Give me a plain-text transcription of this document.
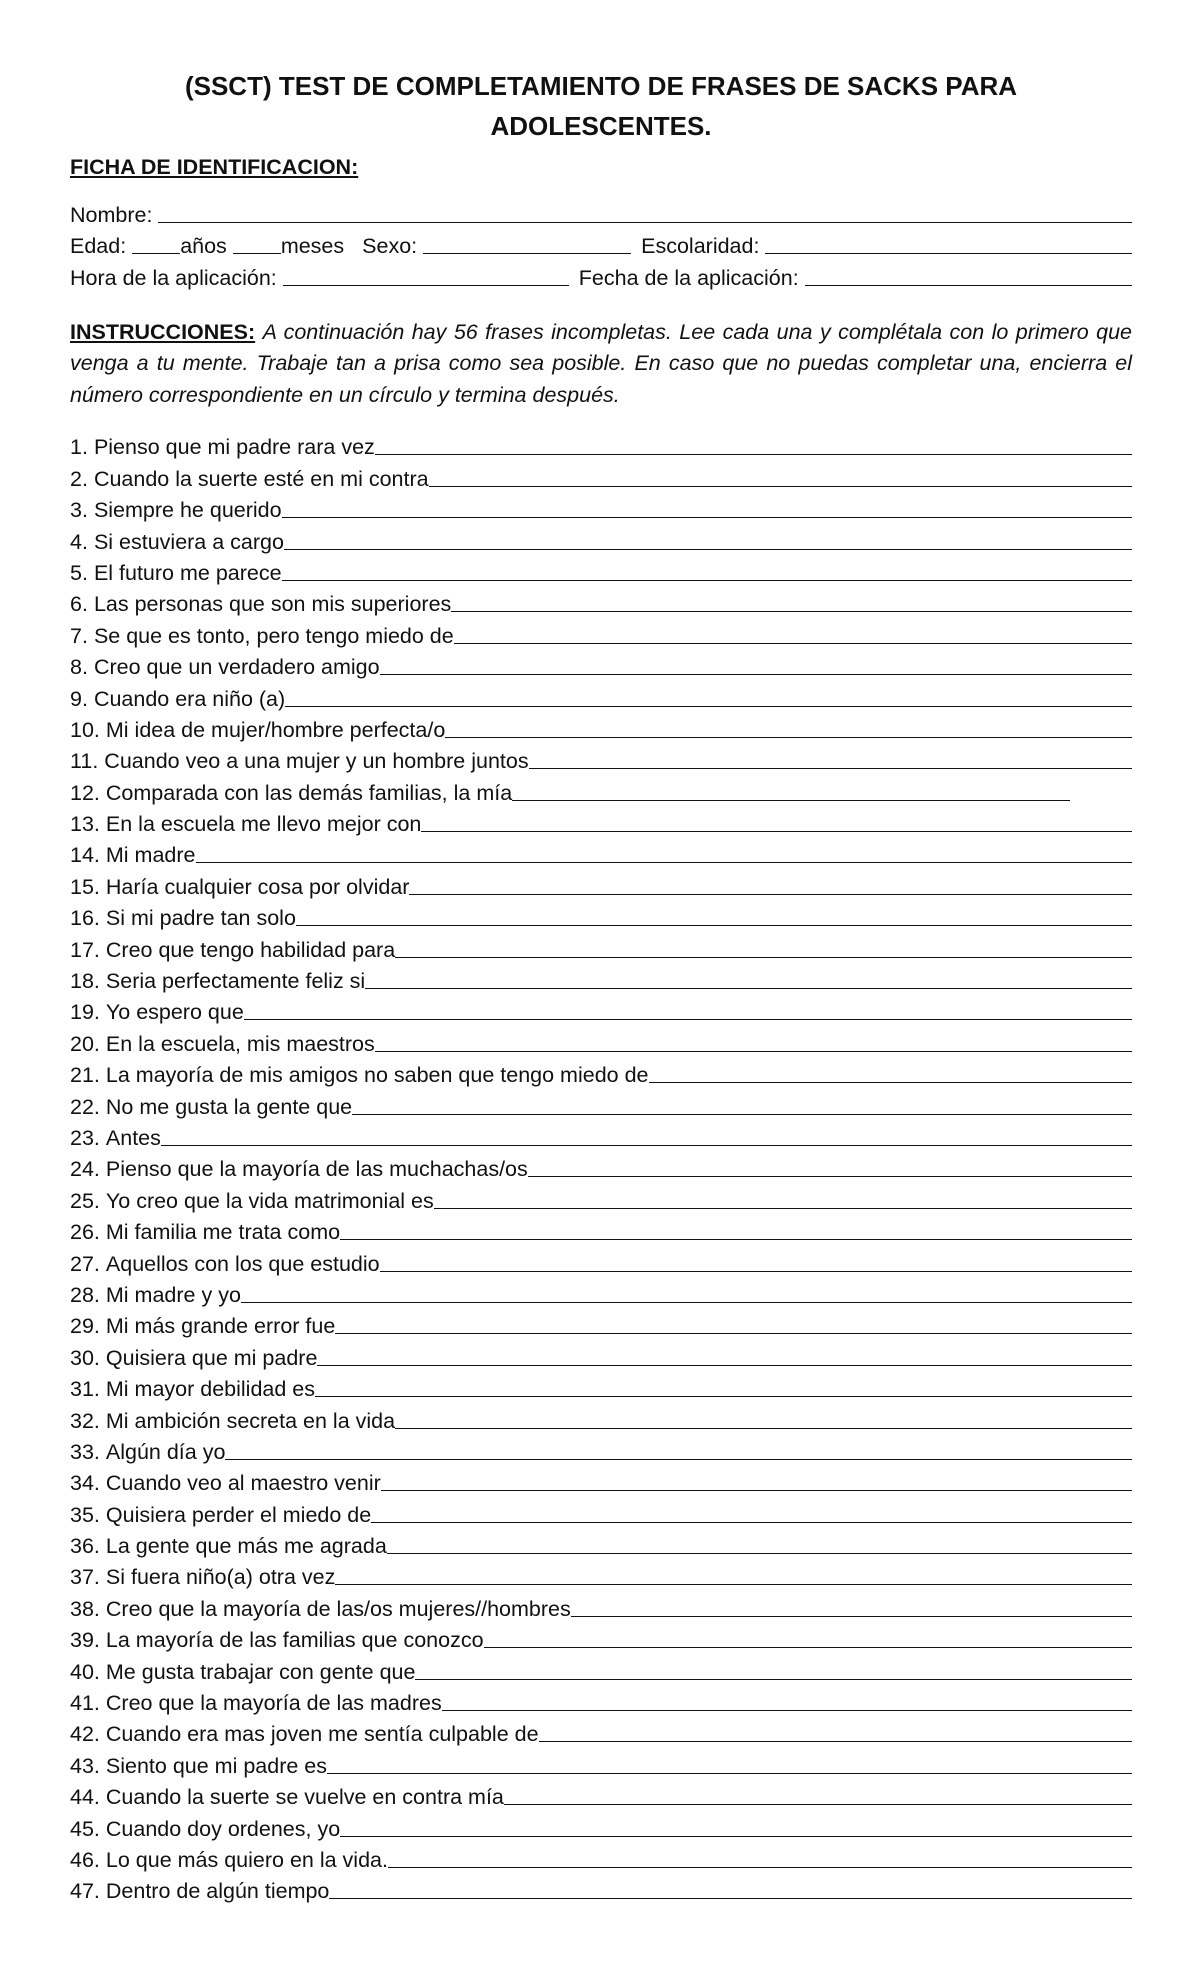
(SSCT) TEST DE COMPLETAMIENTO DE FRASES DE SACKS PARA

ADOLESCENTES.

FICHA DE IDENTIFICACION:
Nombre:
Edad:	años	meses Sexo:	Escolaridad:
Hora de la aplicación:	Fecha de la aplicación:
INSTRUCCIONES: A continuación hay 56 frases incompletas. Lee cada una y complétala con lo primero que venga a tu mente. Trabaje tan a prisa como sea posible. En caso que no puedas completar una, encierra el número correspondiente en un círculo y termina después.
1. Pienso que mi padre rara vez
2. Cuando la suerte esté en mi contra
3. Siempre he querido
4. Si estuviera a cargo
5. El futuro me parece
6. Las personas que son mis superiores
7. Se que es tonto, pero tengo miedo de
8. Creo que un verdadero amigo
9. Cuando era niño (a)
10. Mi idea de mujer/hombre perfecta/o
11. Cuando veo a una mujer y un hombre juntos
12. Comparada con las demás familias, la mía
13. En la escuela me llevo mejor con
14. Mi madre
15. Haría cualquier cosa por olvidar
16. Si mi padre tan solo
17. Creo que tengo habilidad para
18. Seria perfectamente feliz si
19. Yo espero que
20. En la escuela, mis maestros
21. La mayoría de mis amigos no saben que tengo miedo de
22. No me gusta la gente que
23. Antes
24. Pienso que la mayoría de las muchachas/os
25. Yo creo que la vida matrimonial es
26. Mi familia me trata como
27. Aquellos con los que estudio
28. Mi madre y yo
29. Mi más grande error fue
30. Quisiera que mi padre
31. Mi mayor debilidad es
32. Mi ambición secreta en la vida
33. Algún día yo
34. Cuando veo al maestro venir
35. Quisiera perder el miedo de
36. La gente que más me agrada
37. Si fuera niño(a) otra vez
38. Creo que la mayoría de las/os mujeres//hombres
39. La mayoría de las familias que conozco
40. Me gusta trabajar con gente que
41. Creo que la mayoría de las madres
42. Cuando era mas joven me sentía culpable de
43. Siento que mi padre es
44. Cuando la suerte se vuelve en contra mía
45. Cuando doy ordenes, yo
46. Lo que más quiero en la vida.
47. Dentro de algún tiempo
